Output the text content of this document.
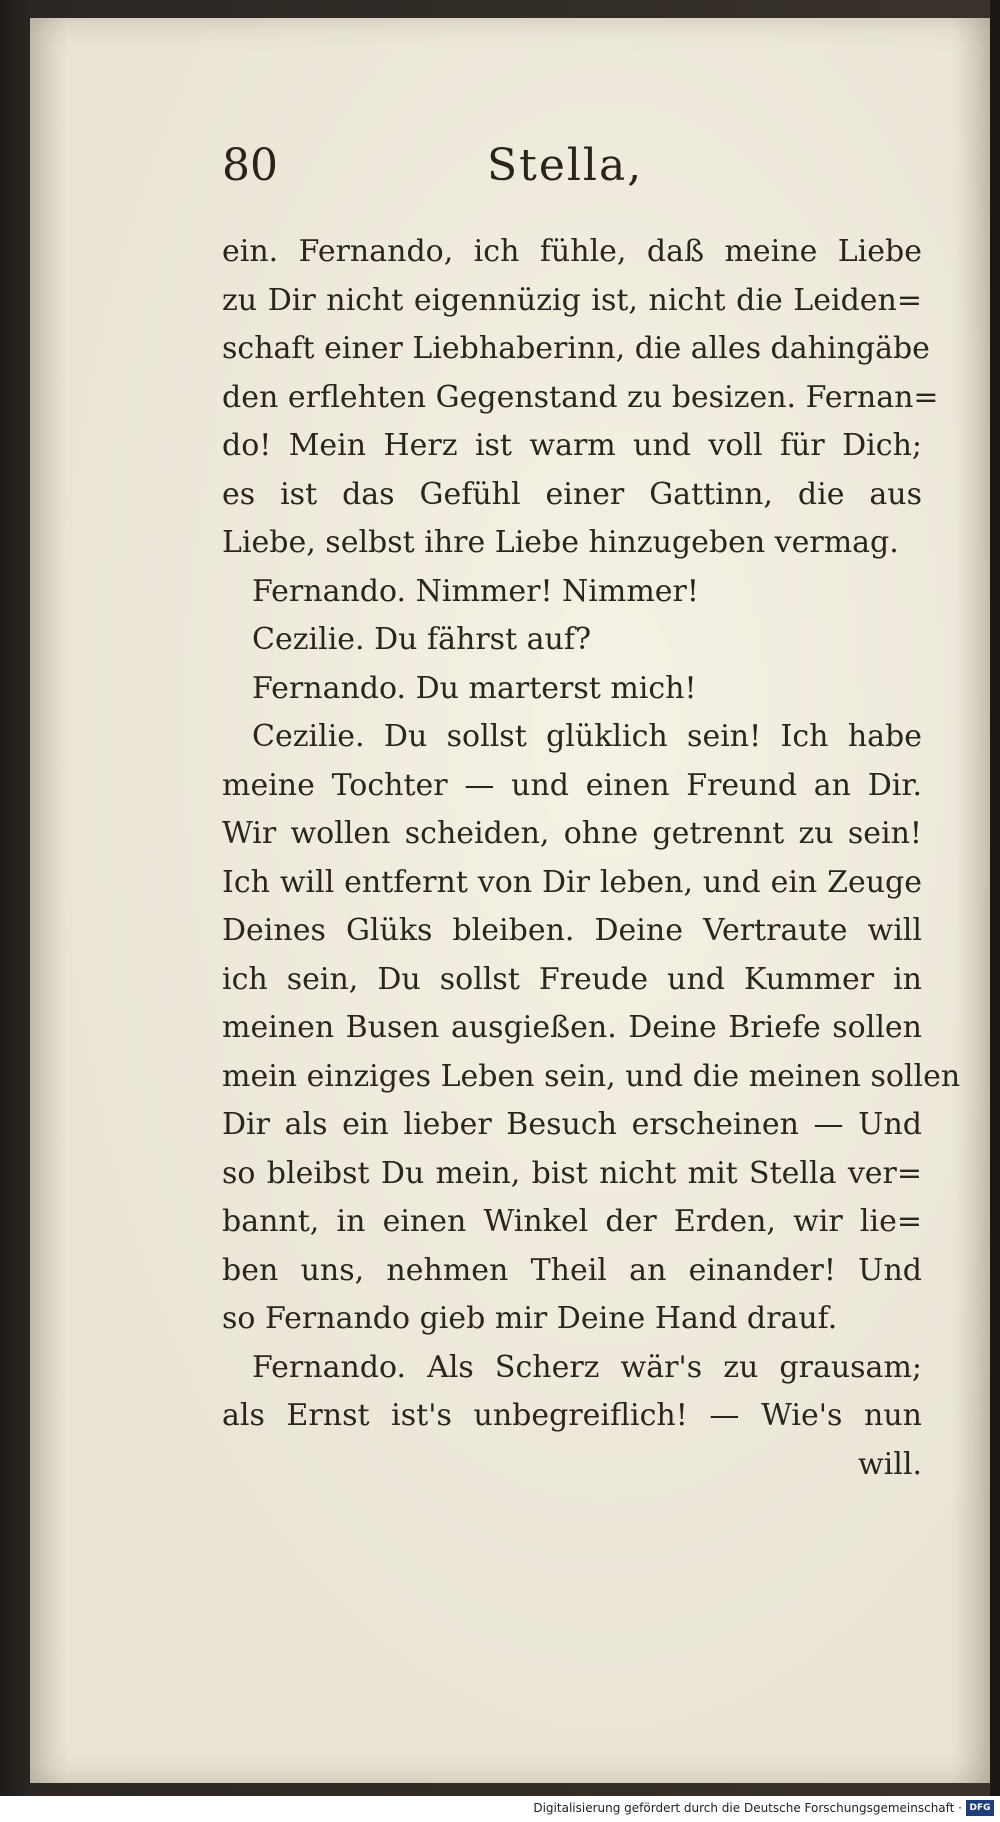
80	Stella,
ein. Fernando, ich fühle, daß meine Liebe
zu Dir nicht eigennüzig ist, nicht die Leiden=
schaft einer Liebhaberinn, die alles dahingäbe
den erflehten Gegenstand zu besizen. Fernan=
do! Mein Herz ist warm und voll für Dich;
es ist das Gefühl einer Gattinn, die aus
Liebe, selbst ihre Liebe hinzugeben vermag.
Fernando. Nimmer! Nimmer!
Cezilie. Du fährst auf?
Fernando. Du marterst mich!
Cezilie. Du sollst glüklich sein! Ich habe
meine Tochter — und einen Freund an Dir.
Wir wollen scheiden, ohne getrennt zu sein!
Ich will entfernt von Dir leben, und ein Zeuge
Deines Glüks bleiben. Deine Vertraute will
ich sein, Du sollst Freude und Kummer in
meinen Busen ausgießen. Deine Briefe sollen
mein einziges Leben sein, und die meinen sollen
Dir als ein lieber Besuch erscheinen — Und
so bleibst Du mein, bist nicht mit Stella ver=
bannt, in einen Winkel der Erden, wir lie=
ben uns, nehmen Theil an einander! Und
so Fernando gieb mir Deine Hand drauf.
Fernando. Als Scherz wär's zu grausam;
als Ernst ist's unbegreiflich! — Wie's nun
will.
Digitalisierung gefördert durch die Deutsche Forschungsgemeinschaft · DFG
